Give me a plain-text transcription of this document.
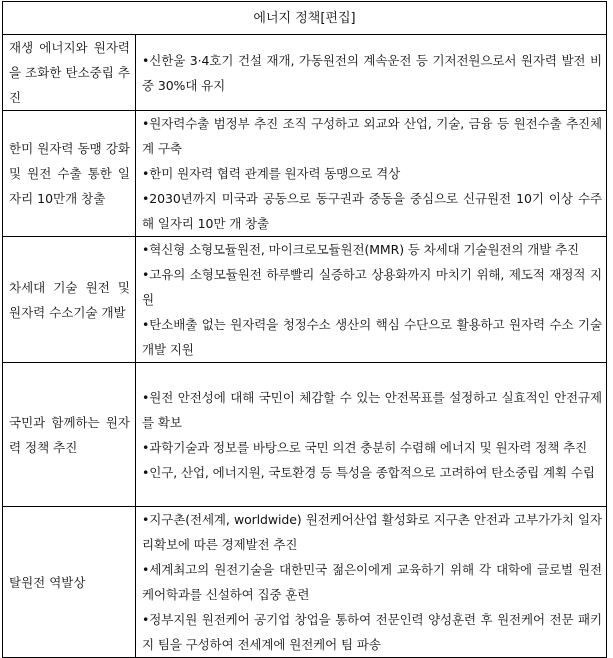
에너지 정책[편집]	
재생 에너지와 원자력을 조화한 탄소중립 추진	•신한울 3·4호기 건설 재개, 가동원전의 계속운전 등 기저전원으로서 원자력 발전 비중 30%대 유지

한미 원자력 동맹 강화 및 원전 수출 통한 일자리 10만개 창출	•원자력수출 범정부 추진 조직 구성하고 외교와 산업, 기술, 금융 등 원전수출 추진체계 구축
•한미 원자력 협력 관계를 원자력 동맹으로 격상
•2030년까지 미국과 공동으로 동구권과 중동을 중심으로 신규원전 10기 이상 수주해 일자리 10만 개 창출

차세대 기술 원전 및 원자력 수소기술 개발	•혁신형 소형모듈원전, 마이크로모듈원전(MMR) 등 차세대 기술원전의 개발 추진
•고유의 소형모듈원전 하루빨리 실증하고 상용화까지 마치기 위해, 제도적 재정적 지원
•탄소배출 없는 원자력을 청정수소 생산의 핵심 수단으로 활용하고 원자력 수소 기술 개발 지원

국민과 함께하는 원자력 정책 추진	•원전 안전성에 대해 국민이 체감할 수 있는 안전목표를 설정하고 실효적인 안전규제를 확보
•과학기술과 정보를 바탕으로 국민 의견 충분히 수렴해 에너지 및 원자력 정책 추진
•인구, 산업, 에너지원, 국토환경 등 특성을 종합적으로 고려하여 탄소중립 계획 수립

탈원전 역발상	•지구촌(전세계, worldwide) 원전케어산업 활성화로 지구촌 안전과 고부가가치 일자리확보에 따른 경제발전 추진
•세계최고의 원전기술을 대한민국 젊은이에게 교육하기 위해 각 대학에 글로벌 원전케어학과를 신설하여 집중 훈련
•정부지원 원전케어 공기업 창업을 통하여 전문인력 양성훈련 후 원전케어 전문 패키지 팀을 구성하여 전세계에 원전케어 팀 파송
